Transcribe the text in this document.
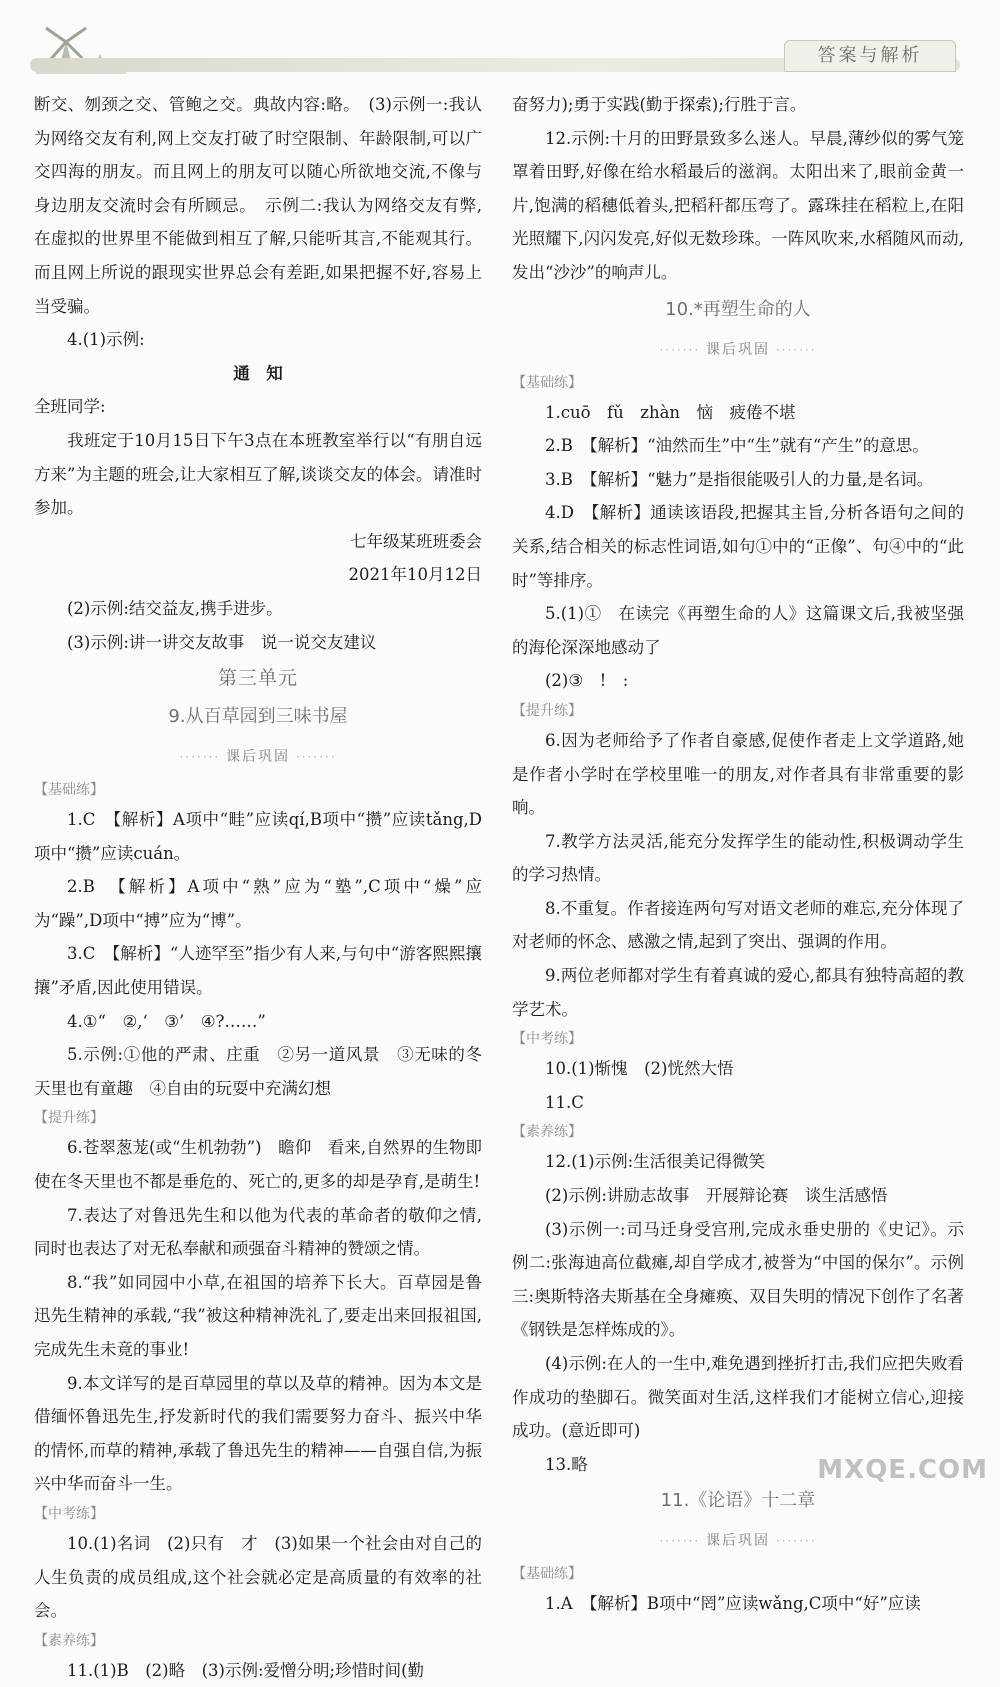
答案与解析

断交、刎颈之交、管鲍之交。典故内容:略。　(3)示例一:我认为网络交友有利,网上交友打破了时空限制、年龄限制,可以广交四海的朋友。而且网上的朋友可以随心所欲地交流,不像与身边朋友交流时会有所顾忌。　示例二:我认为网络交友有弊,在虚拟的世界里不能做到相互了解,只能听其言,不能观其行。而且网上所说的跟现实世界总会有差距,如果把握不好,容易上当受骗。

4.(1)示例:

通　知

全班同学:

我班定于10月15日下午3点在本班教室举行以“有朋自远方来”为主题的班会,让大家相互了解,谈谈交友的体会。请准时参加。

七年级某班班委会

2021年10月12日

(2)示例:结交益友,携手进步。

(3)示例:讲一讲交友故事　说一说交友建议

第三单元

9.从百草园到三味书屋

······· 课后巩固 ·······

【基础练】

1.C　【解析】A项中“畦”应读qí,B项中“攒”应读tǎng,D项中“攒”应读cuán。

2.B　【解析】A项中“熟”应为“塾”,C项中“燥”应为“躁”,D项中“搏”应为“博”。

3.C　【解析】“人迹罕至”指少有人来,与句中“游客熙熙攘攘”矛盾,因此使用错误。

4.①“　②,‘　③’　④?……”

5.示例:①他的严肃、庄重　②另一道风景　③无味的冬天里也有童趣　④自由的玩耍中充满幻想

【提升练】

6.苍翠葱茏(或“生机勃勃”)　瞻仰　看来,自然界的生物即使在冬天里也不都是垂危的、死亡的,更多的却是孕育,是萌生!

7.表达了对鲁迅先生和以他为代表的革命者的敬仰之情,同时也表达了对无私奉献和顽强奋斗精神的赞颂之情。

8.“我”如同园中小草,在祖国的培养下长大。百草园是鲁迅先生精神的承载,“我”被这种精神洗礼了,要走出来回报祖国,完成先生未竟的事业!

9.本文详写的是百草园里的草以及草的精神。因为本文是借缅怀鲁迅先生,抒发新时代的我们需要努力奋斗、振兴中华的情怀,而草的精神,承载了鲁迅先生的精神——自强自信,为振兴中华而奋斗一生。

【中考练】

10.(1)名词　(2)只有　才　(3)如果一个社会由对自己的人生负责的成员组成,这个社会就必定是高质量的有效率的社会。

【素养练】

11.(1)B　(2)略　(3)示例:爱憎分明;珍惜时间(勤

奋努力);勇于实践(勤于探索);行胜于言。

12.示例:十月的田野景致多么迷人。早晨,薄纱似的雾气笼罩着田野,好像在给水稻最后的滋润。太阳出来了,眼前金黄一片,饱满的稻穗低着头,把稻秆都压弯了。露珠挂在稻粒上,在阳光照耀下,闪闪发亮,好似无数珍珠。一阵风吹来,水稻随风而动,发出“沙沙”的响声儿。

10.*再塑生命的人

······· 课后巩固 ·······

【基础练】

1.cuō　fǔ　zhàn　恼　疲倦不堪

2.B　【解析】“油然而生”中“生”就有“产生”的意思。

3.B　【解析】“魅力”是指很能吸引人的力量,是名词。

4.D　【解析】通读该语段,把握其主旨,分析各语句之间的关系,结合相关的标志性词语,如句①中的“正像”、句④中的“此时”等排序。

5.(1)①　在读完《再塑生命的人》这篇课文后,我被坚强的海伦深深地感动了

(2)③　!　:

【提升练】

6.因为老师给予了作者自豪感,促使作者走上文学道路,她是作者小学时在学校里唯一的朋友,对作者具有非常重要的影响。

7.教学方法灵活,能充分发挥学生的能动性,积极调动学生的学习热情。

8.不重复。作者接连两句写对语文老师的难忘,充分体现了对老师的怀念、感激之情,起到了突出、强调的作用。

9.两位老师都对学生有着真诚的爱心,都具有独特高超的教学艺术。

【中考练】

10.(1)惭愧　(2)恍然大悟

11.C

【素养练】

12.(1)示例:生活很美记得微笑

(2)示例:讲励志故事　开展辩论赛　谈生活感悟

(3)示例一:司马迁身受宫刑,完成永垂史册的《史记》。示例二:张海迪高位截瘫,却自学成才,被誉为“中国的保尔”。示例三:奥斯特洛夫斯基在全身瘫痪、双目失明的情况下创作了名著《钢铁是怎样炼成的》。

(4)示例:在人的一生中,难免遇到挫折打击,我们应把失败看作成功的垫脚石。微笑面对生活,这样我们才能树立信心,迎接成功。(意近即可)

13.略

11.《论语》十二章

······· 课后巩固 ·······

【基础练】

1.A　【解析】B项中“罔”应读wǎng,C项中“好”应读

MXQE.COM
